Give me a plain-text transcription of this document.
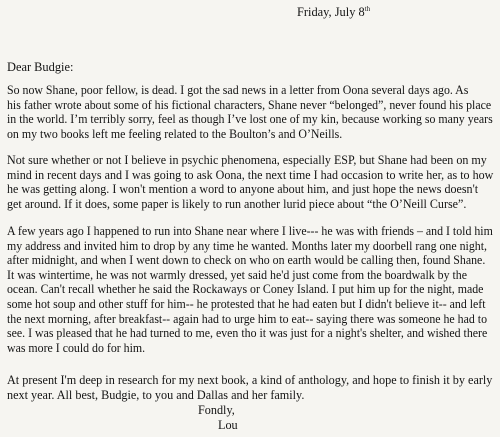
Friday, July 8th
Dear Budgie:

So now Shane, poor fellow, is dead. I got the sad news in a letter from Oona several days ago. As
his father wrote about some of his fictional characters, Shane never “belonged”, never found his place
in the world. I’m terribly sorry, feel as though I’ve lost one of my kin, because working so many years
on my two books left me feeling related to the Boulton’s and O’Neills.

Not sure whether or not I believe in psychic phenomena, especially ESP, but Shane had been on my
mind in recent days and I was going to ask Oona, the next time I had occasion to write her, as to how
he was getting along. I won't mention a word to anyone about him, and just hope the news doesn't
get around. If it does, some paper is likely to run another lurid piece about “the O’Neill Curse”.

A few years ago I happened to run into Shane near where I live--- he was with friends – and I told him
my address and invited him to drop by any time he wanted. Months later my doorbell rang one night,
after midnight, and when I went down to check on who on earth would be calling then, found Shane.
It was wintertime, he was not warmly dressed, yet said he'd just come from the boardwalk by the
ocean. Can't recall whether he said the Rockaways or Coney Island. I put him up for the night, made
some hot soup and other stuff for him-- he protested that he had eaten but I didn't believe it-- and left
the next morning, after breakfast-- again had to urge him to eat-- saying there was someone he had to
see. I was pleased that he had turned to me, even tho it was just for a night's shelter, and wished there
was more I could do for him.

At present I'm deep in research for my next book, a kind of anthology, and hope to finish it by early
next year. All best, Budgie, to you and Dallas and her family.

Fondly,
Lou
